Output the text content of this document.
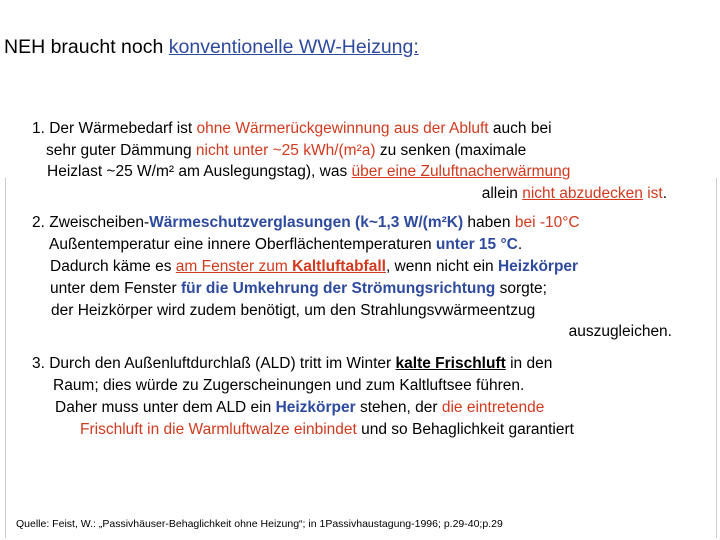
NEH braucht noch konventionelle WW-Heizung:
1. Der Wärmebedarf ist ohne Wärmerückgewinnung aus der Abluft auch bei
sehr guter Dämmung nicht unter ~25 kWh/(m²a) zu senken (maximale
Heizlast ~25 W/m² am Auslegungstag), was über eine Zuluftnacherwärmung
allein nicht abzudecken ist.
2. Zweischeiben-Wärmeschutzverglasungen (k~1,3 W/(m²K) haben bei -10°C
Außentemperatur eine innere Oberflächentemperaturen unter 15 °C.
Dadurch käme es am Fenster zum Kaltluftabfall, wenn nicht ein Heizkörper
unter dem Fenster für die Umkehrung der Strömungsrichtung sorgte;
der Heizkörper wird zudem benötigt, um den Strahlungsvwärmeentzug
auszugleichen.
3. Durch den Außenluftdurchlaß (ALD) tritt im Winter kalte Frischluft in den
Raum; dies würde zu Zugerscheinungen und zum Kaltluftsee führen.
Daher muss unter dem ALD ein Heizkörper stehen, der die eintretende
Frischluft in die Warmluftwalze einbindet und so Behaglichkeit garantiert
Quelle: Feist, W.: „Passivhäuser-Behaglichkeit ohne Heizung“; in 1Passivhaustagung-1996; p.29-40;p.29
